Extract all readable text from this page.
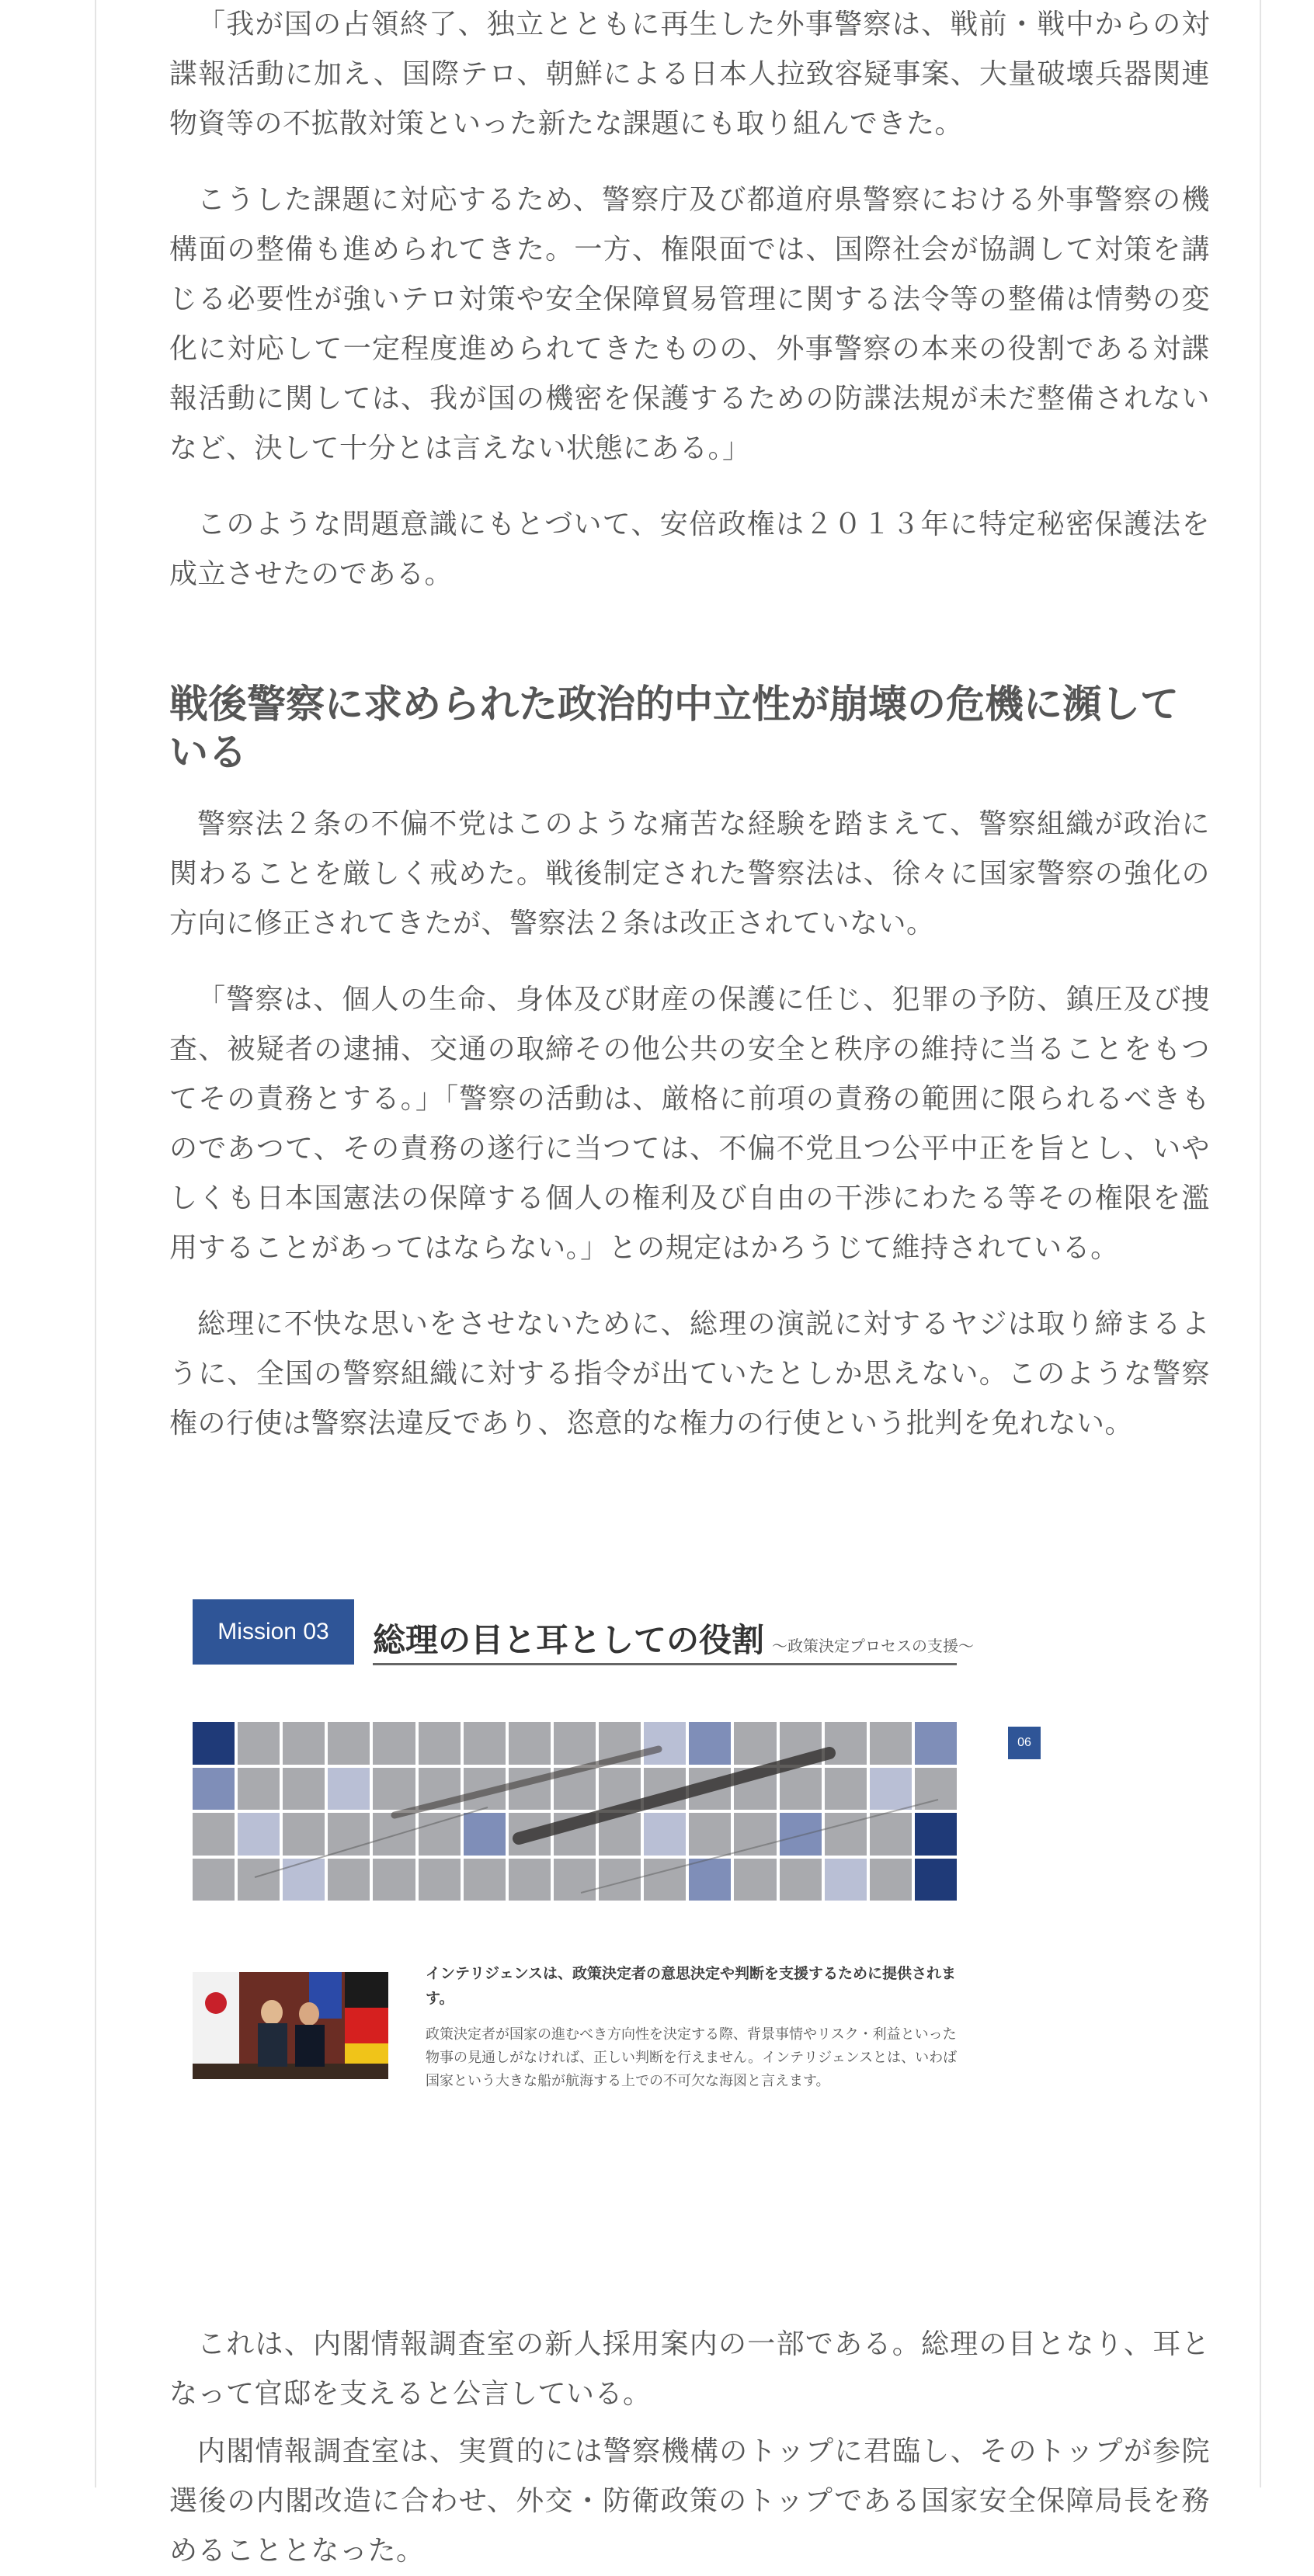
「我が国の占領終了、独立とともに再生した外事警察は、戦前・戦中からの対諜報活動に加え、国際テロ、朝鮮による日本人拉致容疑事案、大量破壊兵器関連物資等の不拡散対策といった新たな課題にも取り組んできた。

こうした課題に対応するため、警察庁及び都道府県警察における外事警察の機構面の整備も進められてきた。一方、権限面では、国際社会が協調して対策を講じる必要性が強いテロ対策や安全保障貿易管理に関する法令等の整備は情勢の変化に対応して一定程度進められてきたものの、外事警察の本来の役割である対諜報活動に関しては、我が国の機密を保護するための防諜法規が未だ整備されないなど、決して十分とは言えない状態にある。」

このような問題意識にもとづいて、安倍政権は２０１３年に特定秘密保護法を成立させたのである。

戦後警察に求められた政治的中立性が崩壊の危機に瀕している

警察法２条の不偏不党はこのような痛苦な経験を踏まえて、警察組織が政治に関わることを厳しく戒めた。戦後制定された警察法は、徐々に国家警察の強化の方向に修正されてきたが、警察法２条は改正されていない。

「警察は、個人の生命、身体及び財産の保護に任じ、犯罪の予防、鎮圧及び捜査、被疑者の逮捕、交通の取締その他公共の安全と秩序の維持に当ることをもつてその責務とする。」「警察の活動は、厳格に前項の責務の範囲に限られるべきものであつて、その責務の遂行に当つては、不偏不党且つ公平中正を旨とし、いやしくも日本国憲法の保障する個人の権利及び自由の干渉にわたる等その権限を濫用することがあってはならない。」との規定はかろうじて維持されている。

総理に不快な思いをさせないために、総理の演説に対するヤジは取り締まるように、全国の警察組織に対する指令が出ていたとしか思えない。このような警察権の行使は警察法違反であり、恣意的な権力の行使という批判を免れない。

Mission 03	総理の目と耳としての役割 ～政策決定プロセスの支援～
06

インテリジェンスは、政策決定者の意思決定や判断を支援するために提供されます。

政策決定者が国家の進むべき方向性を決定する際、背景事情やリスク・利益といった物事の見通しがなければ、正しい判断を行えません。インテリジェンスとは、いわば国家という大きな船が航海する上での不可欠な海図と言えます。

これは、内閣情報調査室の新人採用案内の一部である。総理の目となり、耳となって官邸を支えると公言している。

内閣情報調査室は、実質的には警察機構のトップに君臨し、そのトップが参院選後の内閣改造に合わせ、外交・防衛政策のトップである国家安全保障局長を務めることとなった。
